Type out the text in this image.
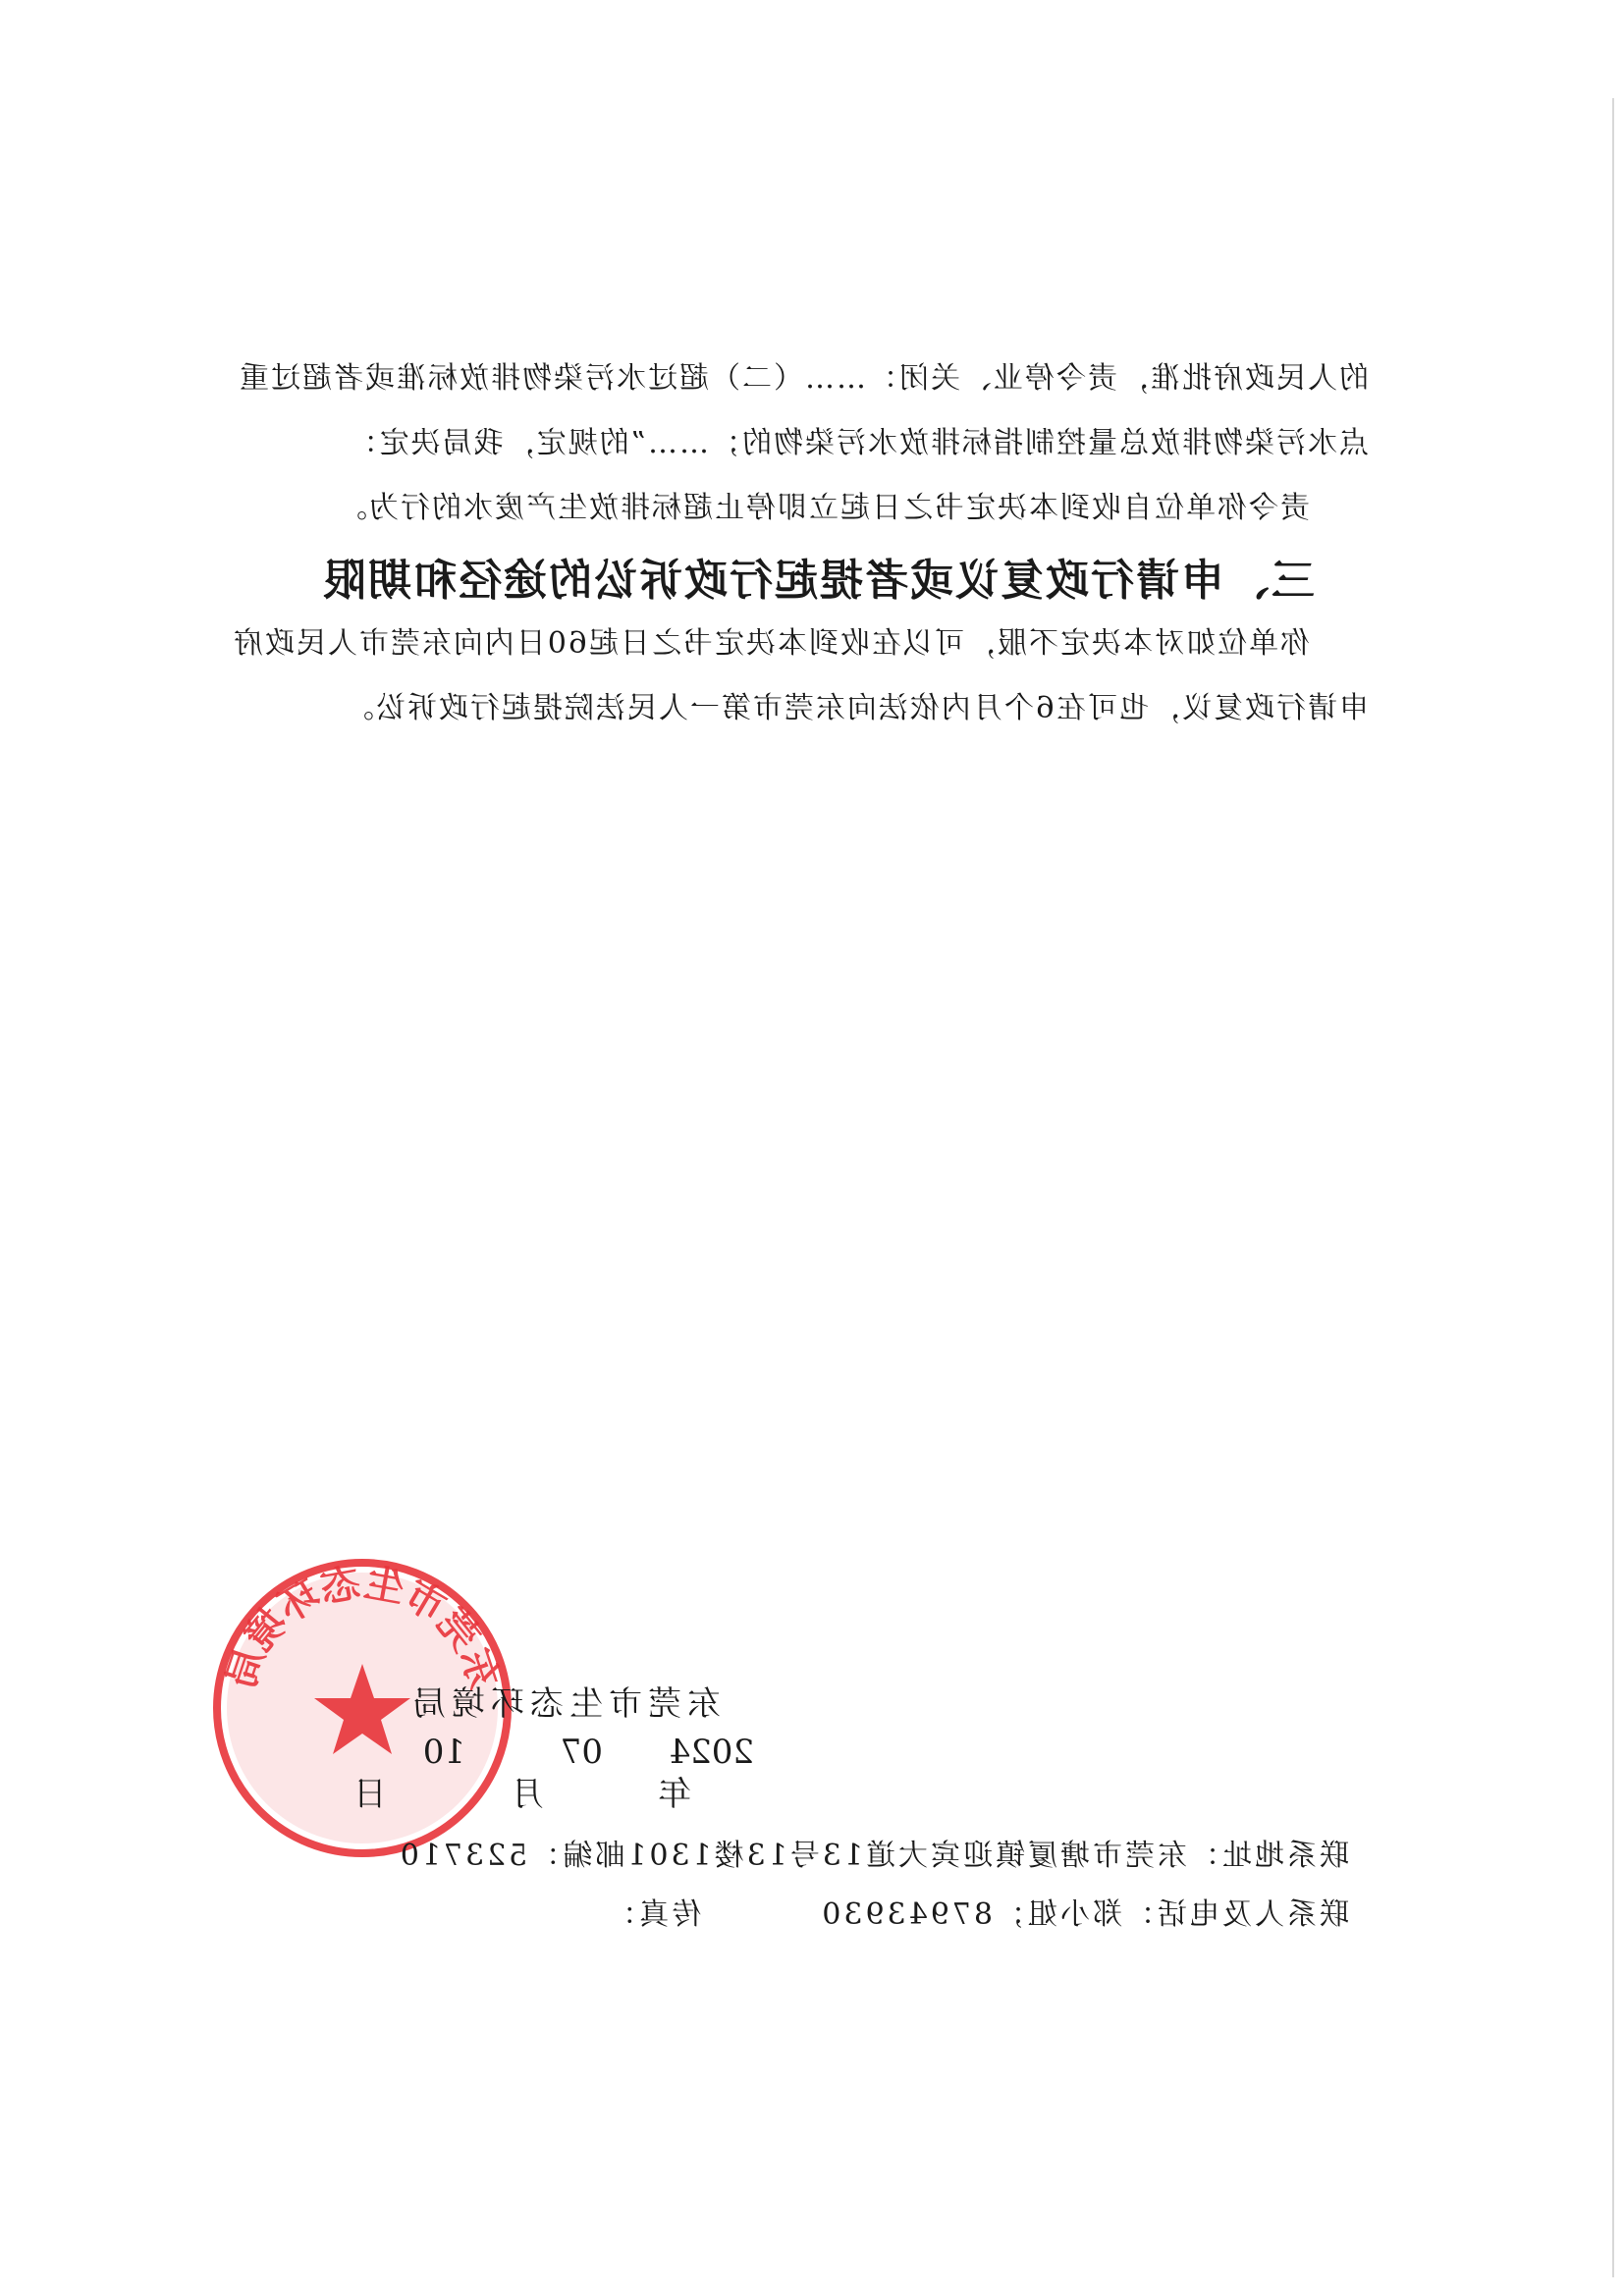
的人民政府批准，责令停业、关闭：……（二）超过水污染物排放标准或者超过重

点水污染物排放总量控制指标排放水污染物的；……”的规定，我局决定：

责令你单位自收到本决定书之日起立即停止超标排放生产废水的行为。

三、申请行政复议或者提起行政诉讼的途径和期限

你单位如对本决定不服，可以在收到本决定书之日起60日内向东莞市人民政府

申请行政复议，也可在6个月内依法向东莞市第一人民法院提起行政诉讼。

东莞市生态环境局
东莞市生态环境局
2024
07
10
年
月
日
联系地址：东莞市塘厦镇迎宾大道13号13楼1301邮编：523710
联系人及电话：郑小姐；87943930传真：
